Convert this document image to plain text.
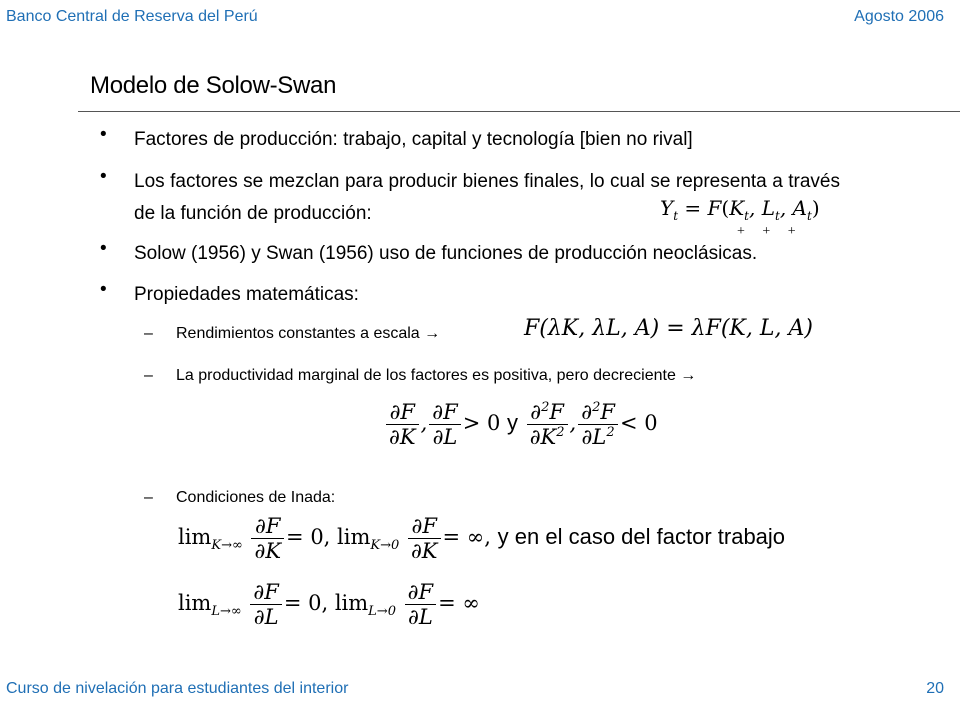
Banco Central de Reserva del Perú	Agosto 2006
Modelo de Solow-Swan
• Factores de producción: trabajo, capital y tecnología [bien no rival]
• Los factores se mezclan para producir bienes finales, lo cual se representa a través de la función de producción:	$Y_t = F(K_t$, $L_t$, $A_t$)
+ + +
• Solow (1956) y Swan (1956) uso de funciones de producción neoclásicas.
• Propiedades matemáticas:
– Rendimientos constantes a escala →	F(λK, λL, A) = λF(K, L, A)
– La productividad marginal de los factores es positiva, pero decreciente →
$\frac{\partial F}{\partial K}$ , $\frac{\partial F}{\partial L} > 0$ y $\frac{\partial^2F}{\partial K^2}$ , $\frac{\partial^2F}{\partial L^2} < 0$
– Condiciones de Inada:
$\lim_{K\to\infty} \frac{\partial F}{\partial K} = 0$, $\lim_{K\to 0} \frac{\partial F}{\partial K}$ = ∞, y en el caso del factor trabajo
$\lim_{L\to\infty} \frac{\partial F}{\partial L} = 0$, $\lim_{L\to 0} \frac{\partial F}{\partial L}$ = ∞
Curso de nivelación para estudiantes del interior	20
